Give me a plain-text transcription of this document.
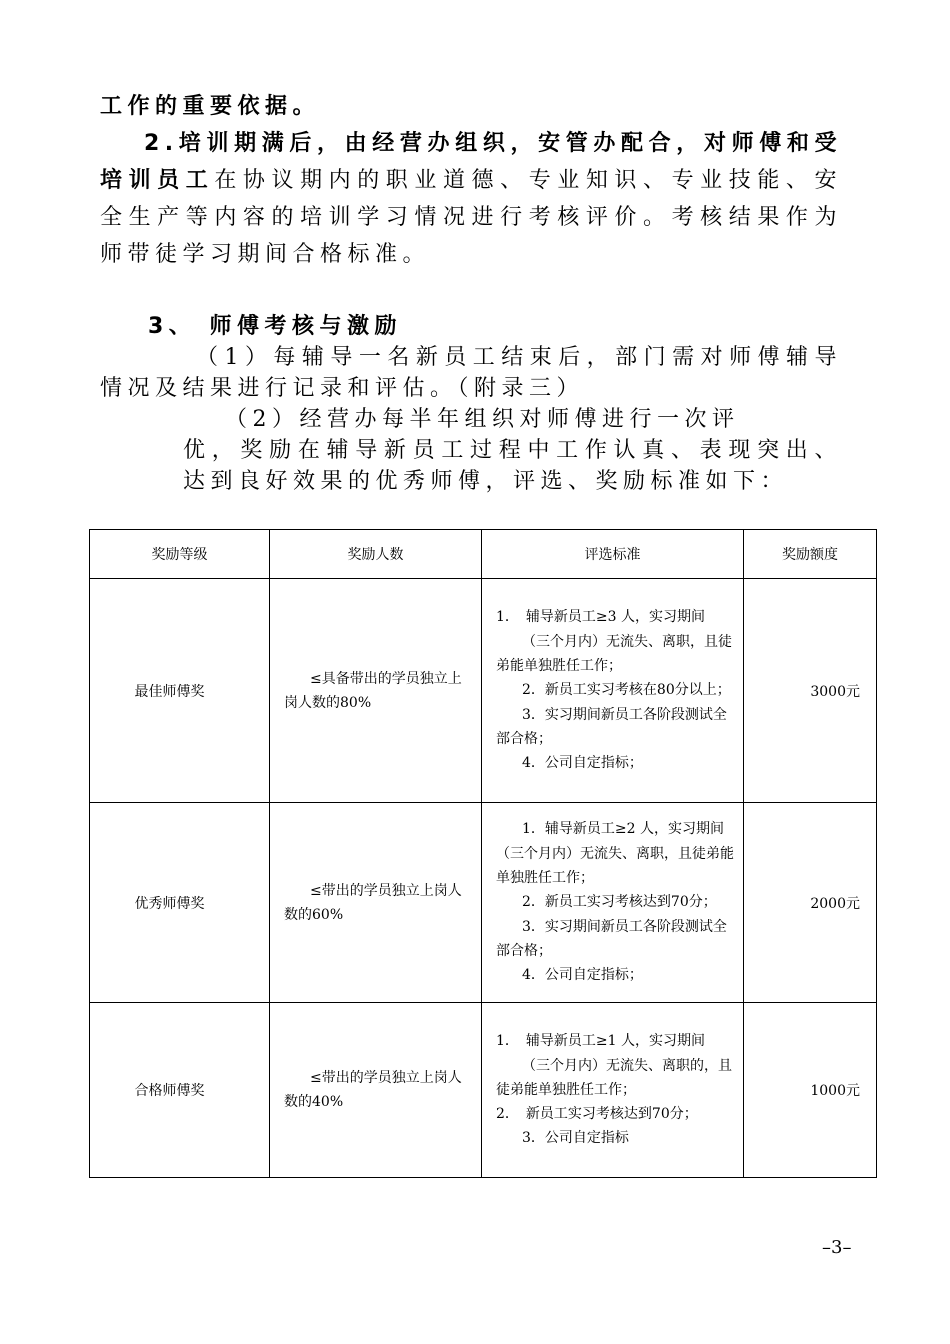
工作的重要依据。

2.培训期满后，由经营办组织，安管办配合，对师傅和受培训员工在协议期内的职业道德、专业知识、专业技能、安全生产等内容的培训学习情况进行考核评价。考核结果作为师带徒学习期间合格标准。

3、 师傅考核与激励

（1）每辅导一名新员工结束后，部门需对师傅辅导情况及结果进行记录和评估。（附录三）

（2）经营办每半年组织对师傅进行一次评
优，奖励在辅导新员工过程中工作认真、表现突出、达到良好效果的优秀师傅，评选、奖励标准如下：

奖励等级	奖励人数	评选标准	奖励额度
最佳师傅奖	≤具备带出的学员独立上岗人数的80%	1．　辅导新员工≥3 人，实习期间
（三个月内）无流失、离职，且徒弟能单独胜任工作；
2．新员工实习考核在80分以上；
3．实习期间新员工各阶段测试全部合格；
4．公司自定指标；	3000元
优秀师傅奖	≤带出的学员独立上岗人数的60%	1．辅导新员工≥2 人，实习期间（三个月内）无流失、离职，且徒弟能单独胜任工作；
2．新员工实习考核达到70分；
3．实习期间新员工各阶段测试全部合格；
4．公司自定指标；	2000元
合格师傅奖	≤带出的学员独立上岗人数的40%	1．　辅导新员工≥1 人，实习期间
（三个月内）无流失、离职的，且徒弟能单独胜任工作；
2．　新员工实习考核达到70分；
3．公司自定指标	1000元
–3–
